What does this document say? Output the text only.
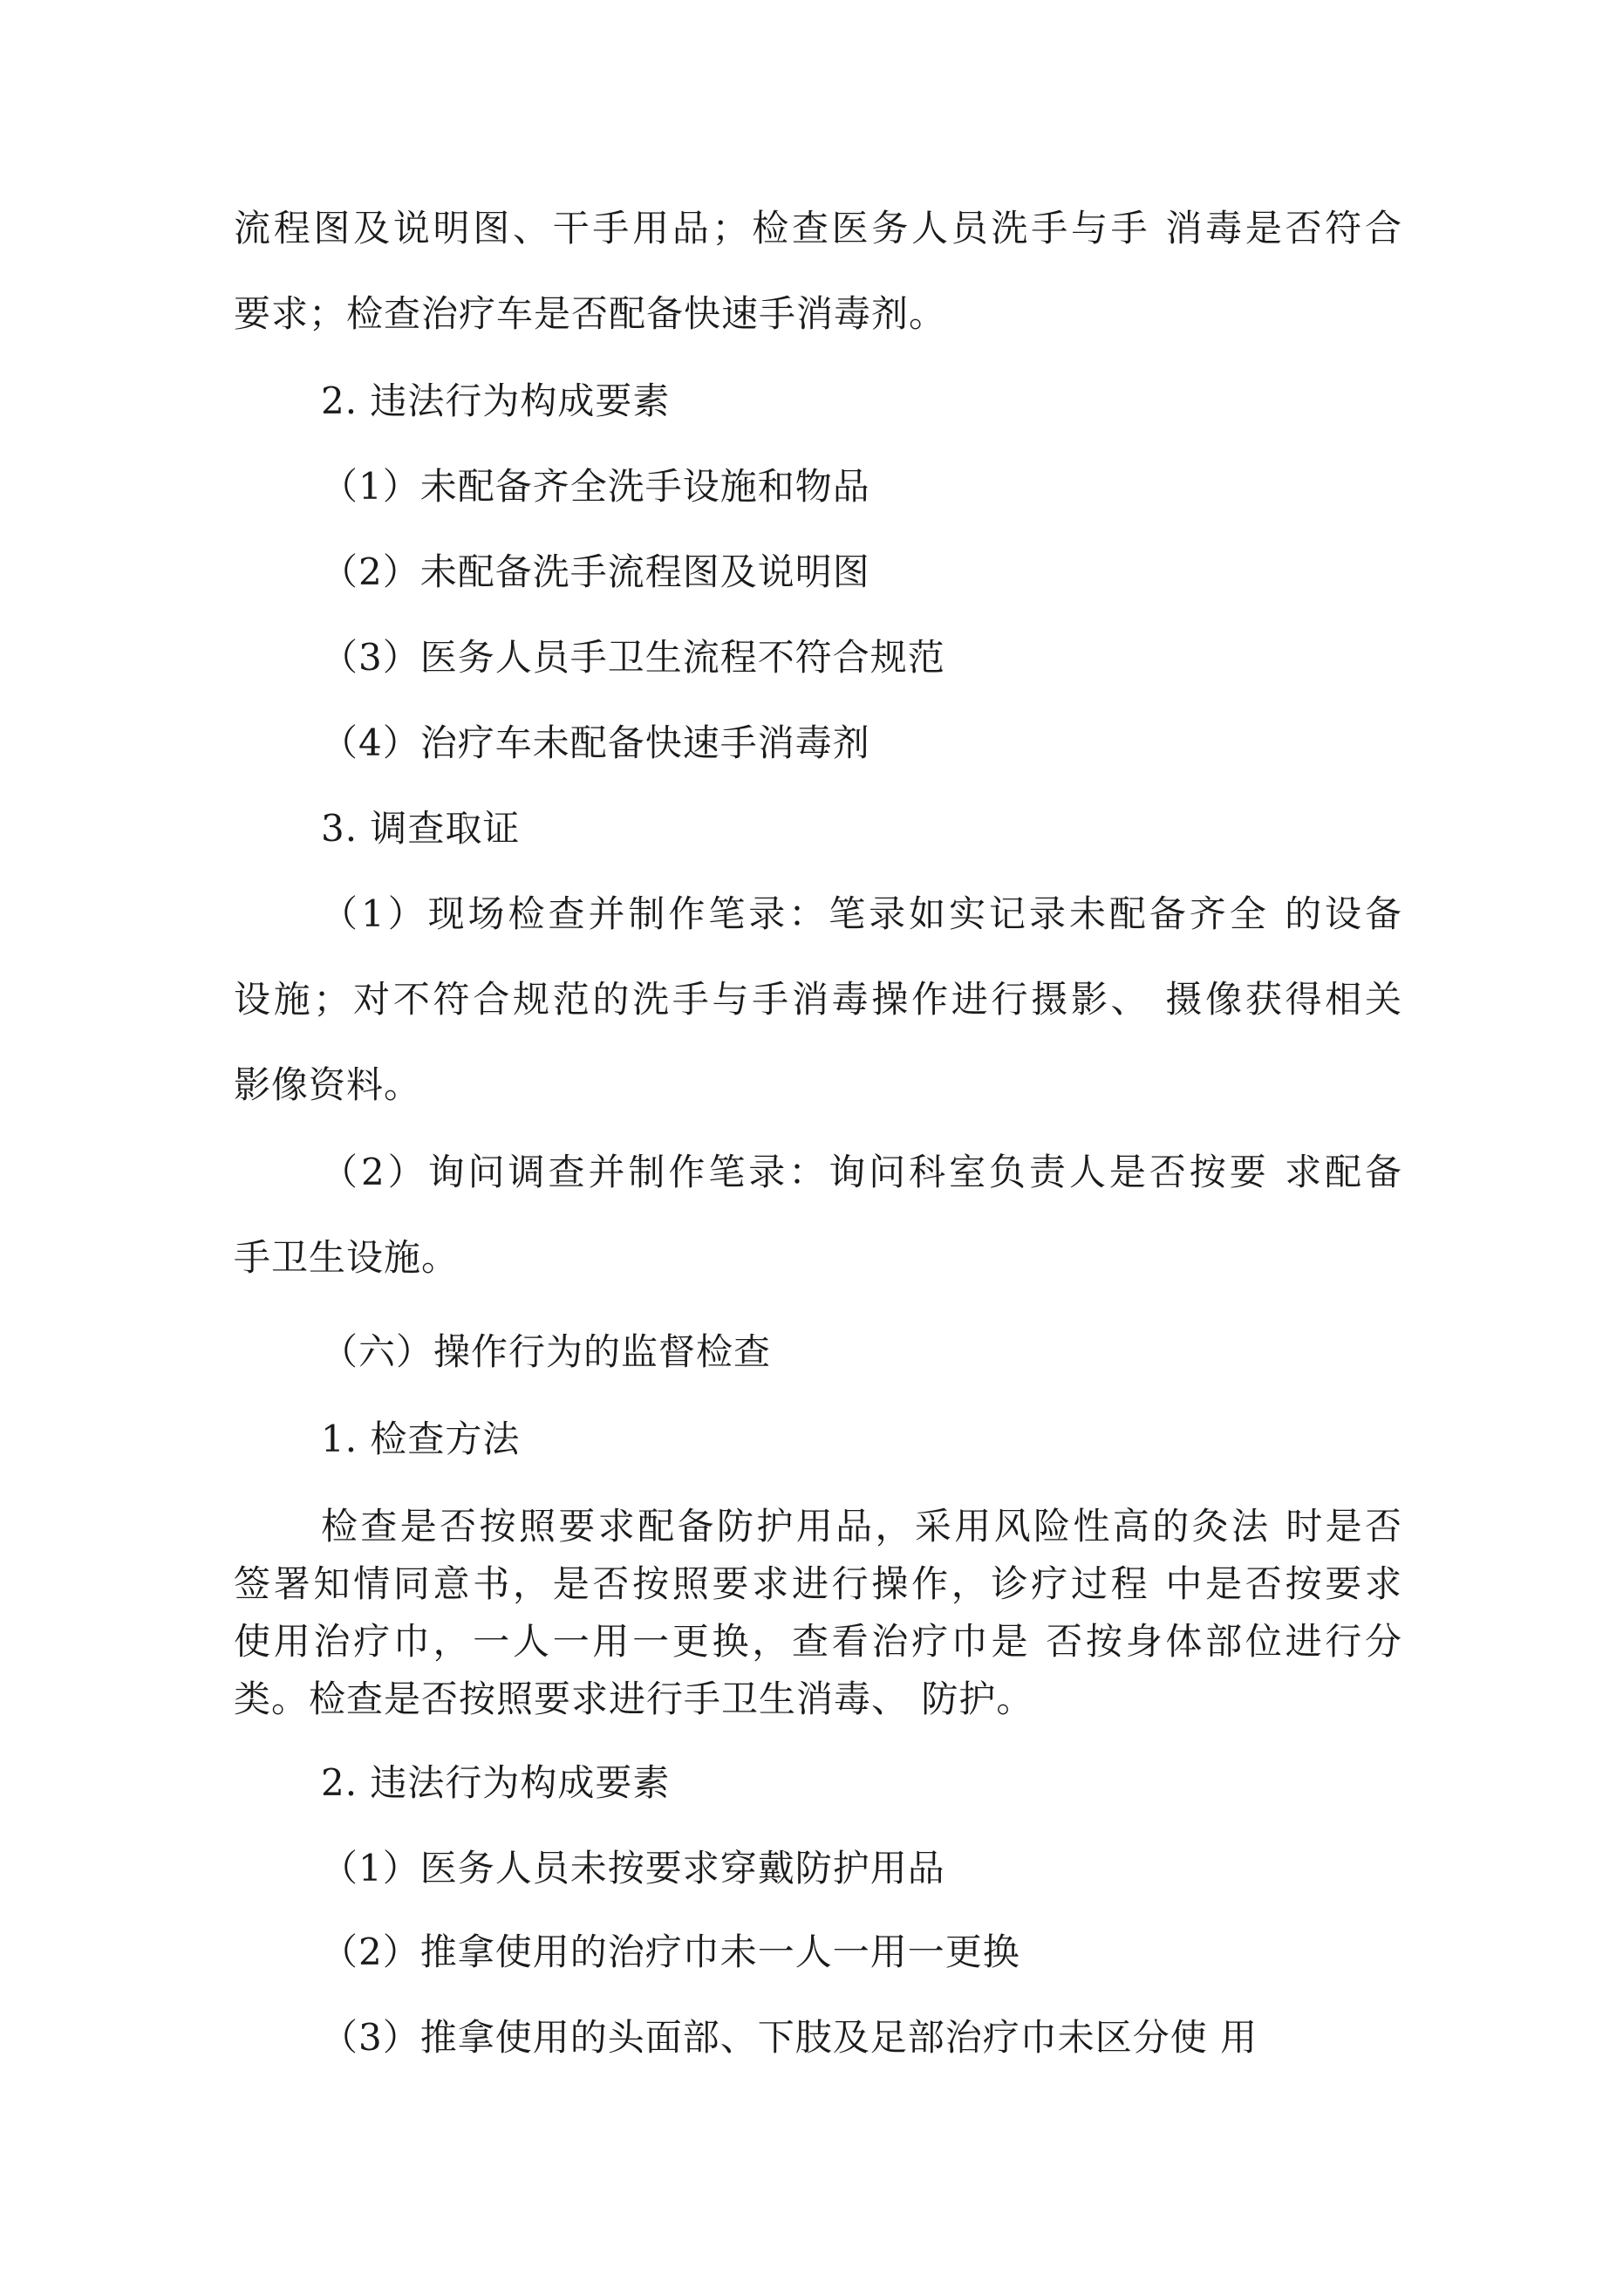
流程图及说明图、干手用品；检查医务人员洗手与手 消毒是否符合

要求；检查治疗车是否配备快速手消毒剂。

2. 违法行为构成要素

（1）未配备齐全洗手设施和物品

（2）未配备洗手流程图及说明图

（3）医务人员手卫生流程不符合规范

（4）治疗车未配备快速手消毒剂

3. 调查取证

（1）现场检查并制作笔录：笔录如实记录未配备齐全 的设备

设施；对不符合规范的洗手与手消毒操作进行摄影、 摄像获得相关

影像资料。

（2）询问调查并制作笔录：询问科室负责人是否按要 求配备

手卫生设施。

（六）操作行为的监督检查

1. 检查方法

检查是否按照要求配备防护用品，采用风险性高的灸法 时是否

签署知情同意书，是否按照要求进行操作，诊疗过程 中是否按要求

使用治疗巾，一人一用一更换，查看治疗巾是 否按身体部位进行分

类。检查是否按照要求进行手卫生消毒、 防护。

2. 违法行为构成要素

（1）医务人员未按要求穿戴防护用品

（2）推拿使用的治疗巾未一人一用一更换

（3）推拿使用的头面部、下肢及足部治疗巾未区分使 用
